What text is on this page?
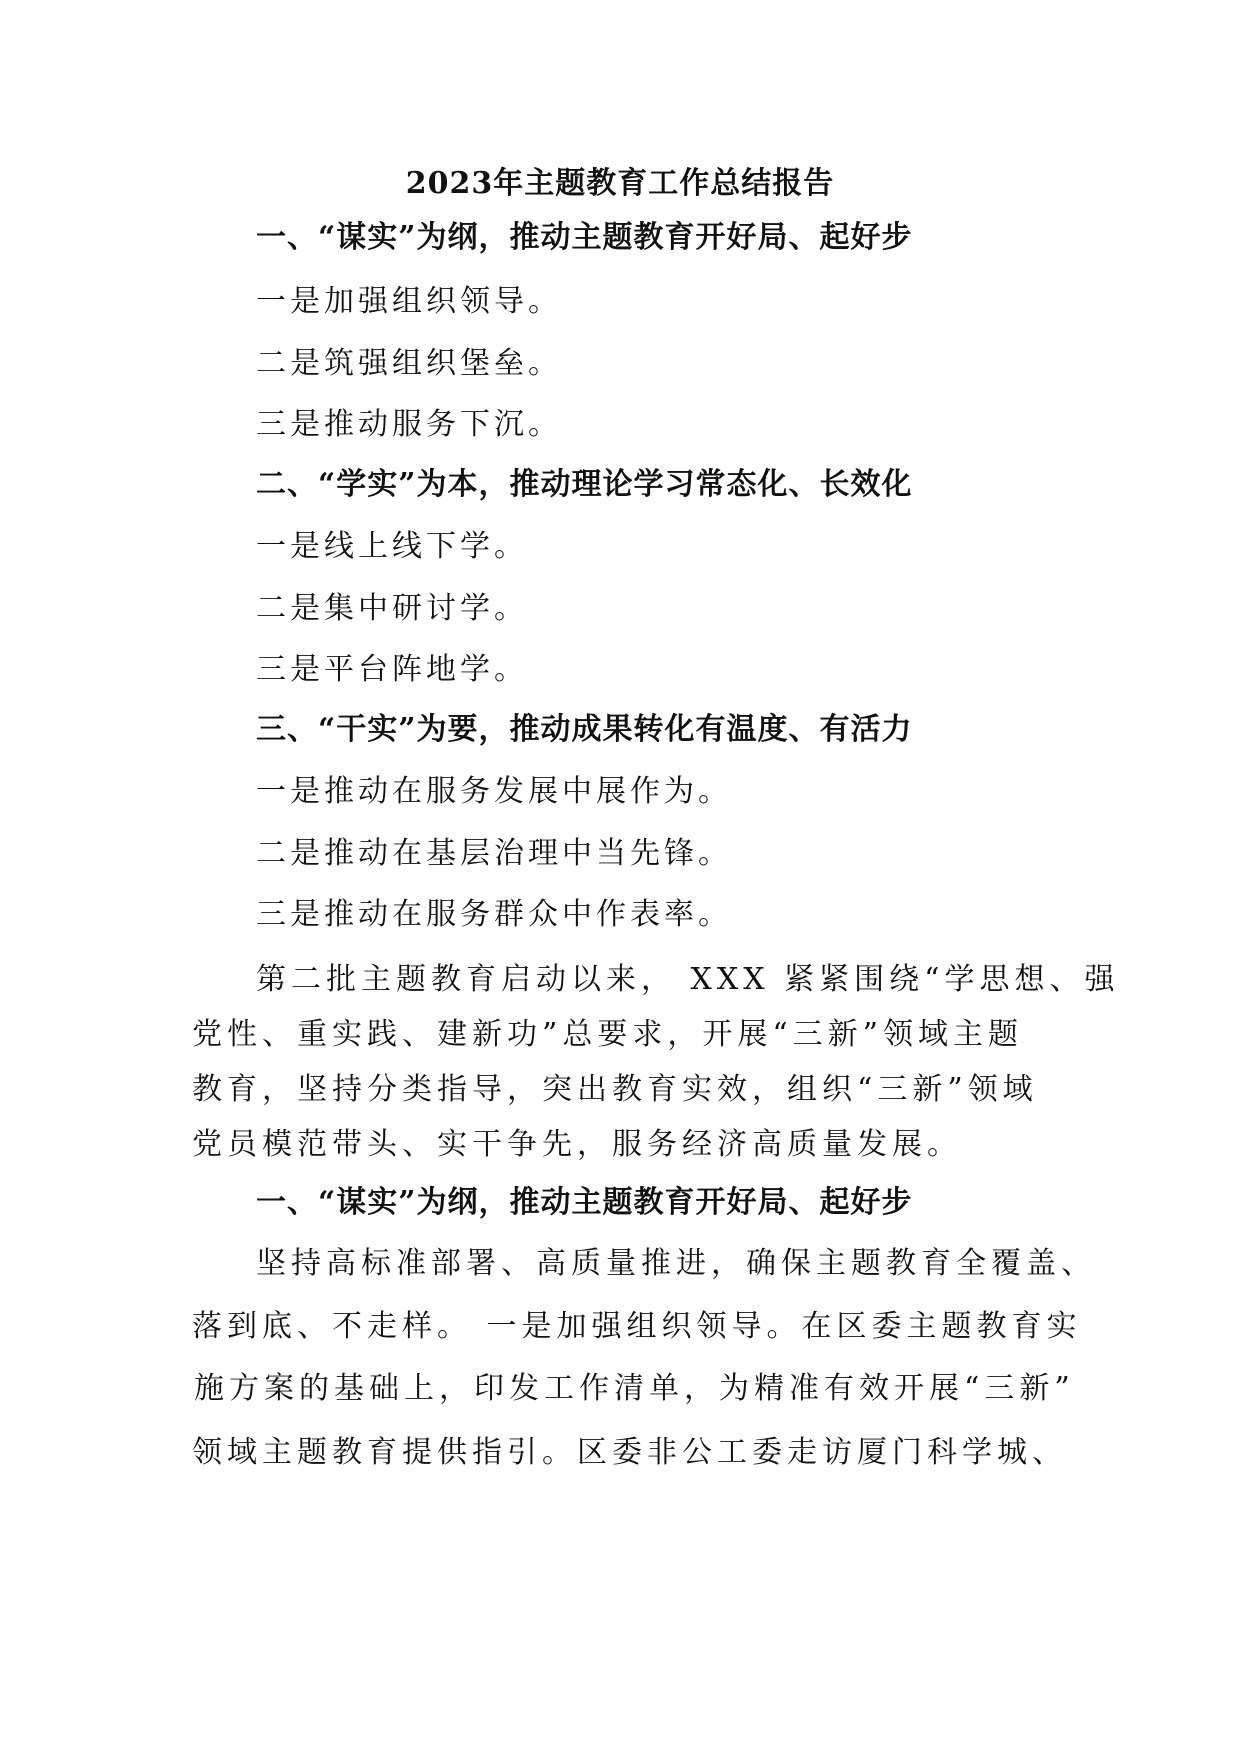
2023年主题教育工作总结报告
一、“谋实”为纲，推动主题教育开好局、起好步
一是加强组织领导。
二是筑强组织堡垒。
三是推动服务下沉。
二、“学实”为本，推动理论学习常态化、长效化
一是线上线下学。
二是集中研讨学。
三是平台阵地学。
三、“干实”为要，推动成果转化有温度、有活力
一是推动在服务发展中展作为。
二是推动在基层治理中当先锋。
三是推动在服务群众中作表率。
第二批主题教育启动以来， XXX 紧紧围绕“学思想、强
党性、重实践、建新功”总要求，开展“三新”领域主题
教育，坚持分类指导，突出教育实效，组织“三新”领域
党员模范带头、实干争先，服务经济高质量发展。
一、“谋实”为纲，推动主题教育开好局、起好步
坚持高标准部署、高质量推进，确保主题教育全覆盖、
落到底、不走样。 一是加强组织领导。在区委主题教育实
施方案的基础上，印发工作清单，为精准有效开展“三新”
领域主题教育提供指引。区委非公工委走访厦门科学城、
